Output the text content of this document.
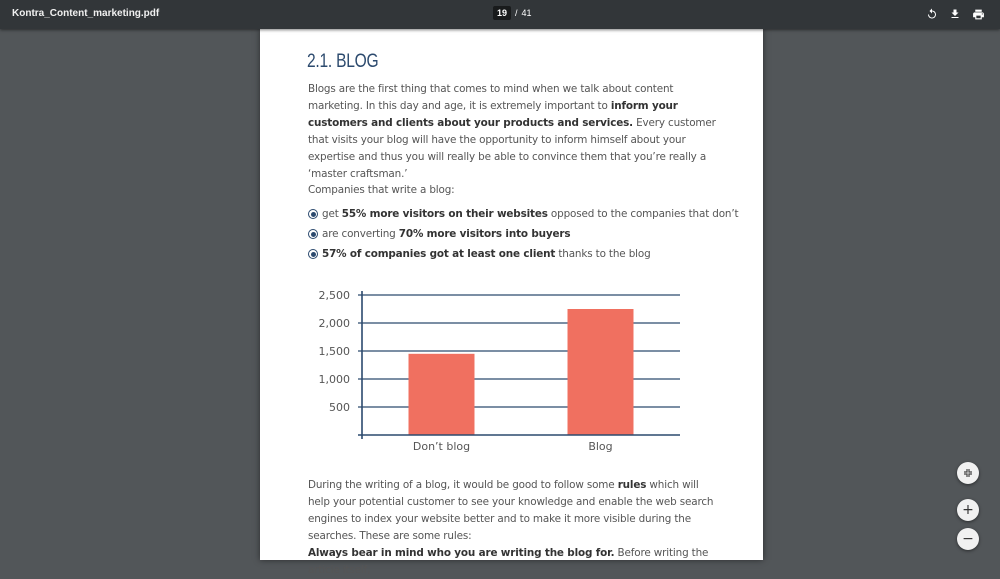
Kontra_Content_marketing.pdf	19 / 41
2.1. BLOG
Blogs are the first thing that comes to mind when we talk about content marketing. In this day and age, it is extremely important to inform your customers and clients about your products and services. Every customer that visits your blog will have the opportunity to inform himself about your expertise and thus you will really be able to convince them that you’re really a ‘master craftsman.’
Companies that write a blog:
get 55% more visitors on their websites opposed to the companies that don’t
are converting 70% more visitors into buyers
57% of companies got at least one client thanks to the blog
500
1,000
1,500
2,000
2,500
Don’t blog	Blog
During the writing of a blog, it would be good to follow some rules which will help your potential customer to see your knowledge and enable the web search engines to index your website better and to make it more visible during the searches. These are some rules:
Always bear in mind who you are writing the blog for. Before writing the article itself,
+
−
